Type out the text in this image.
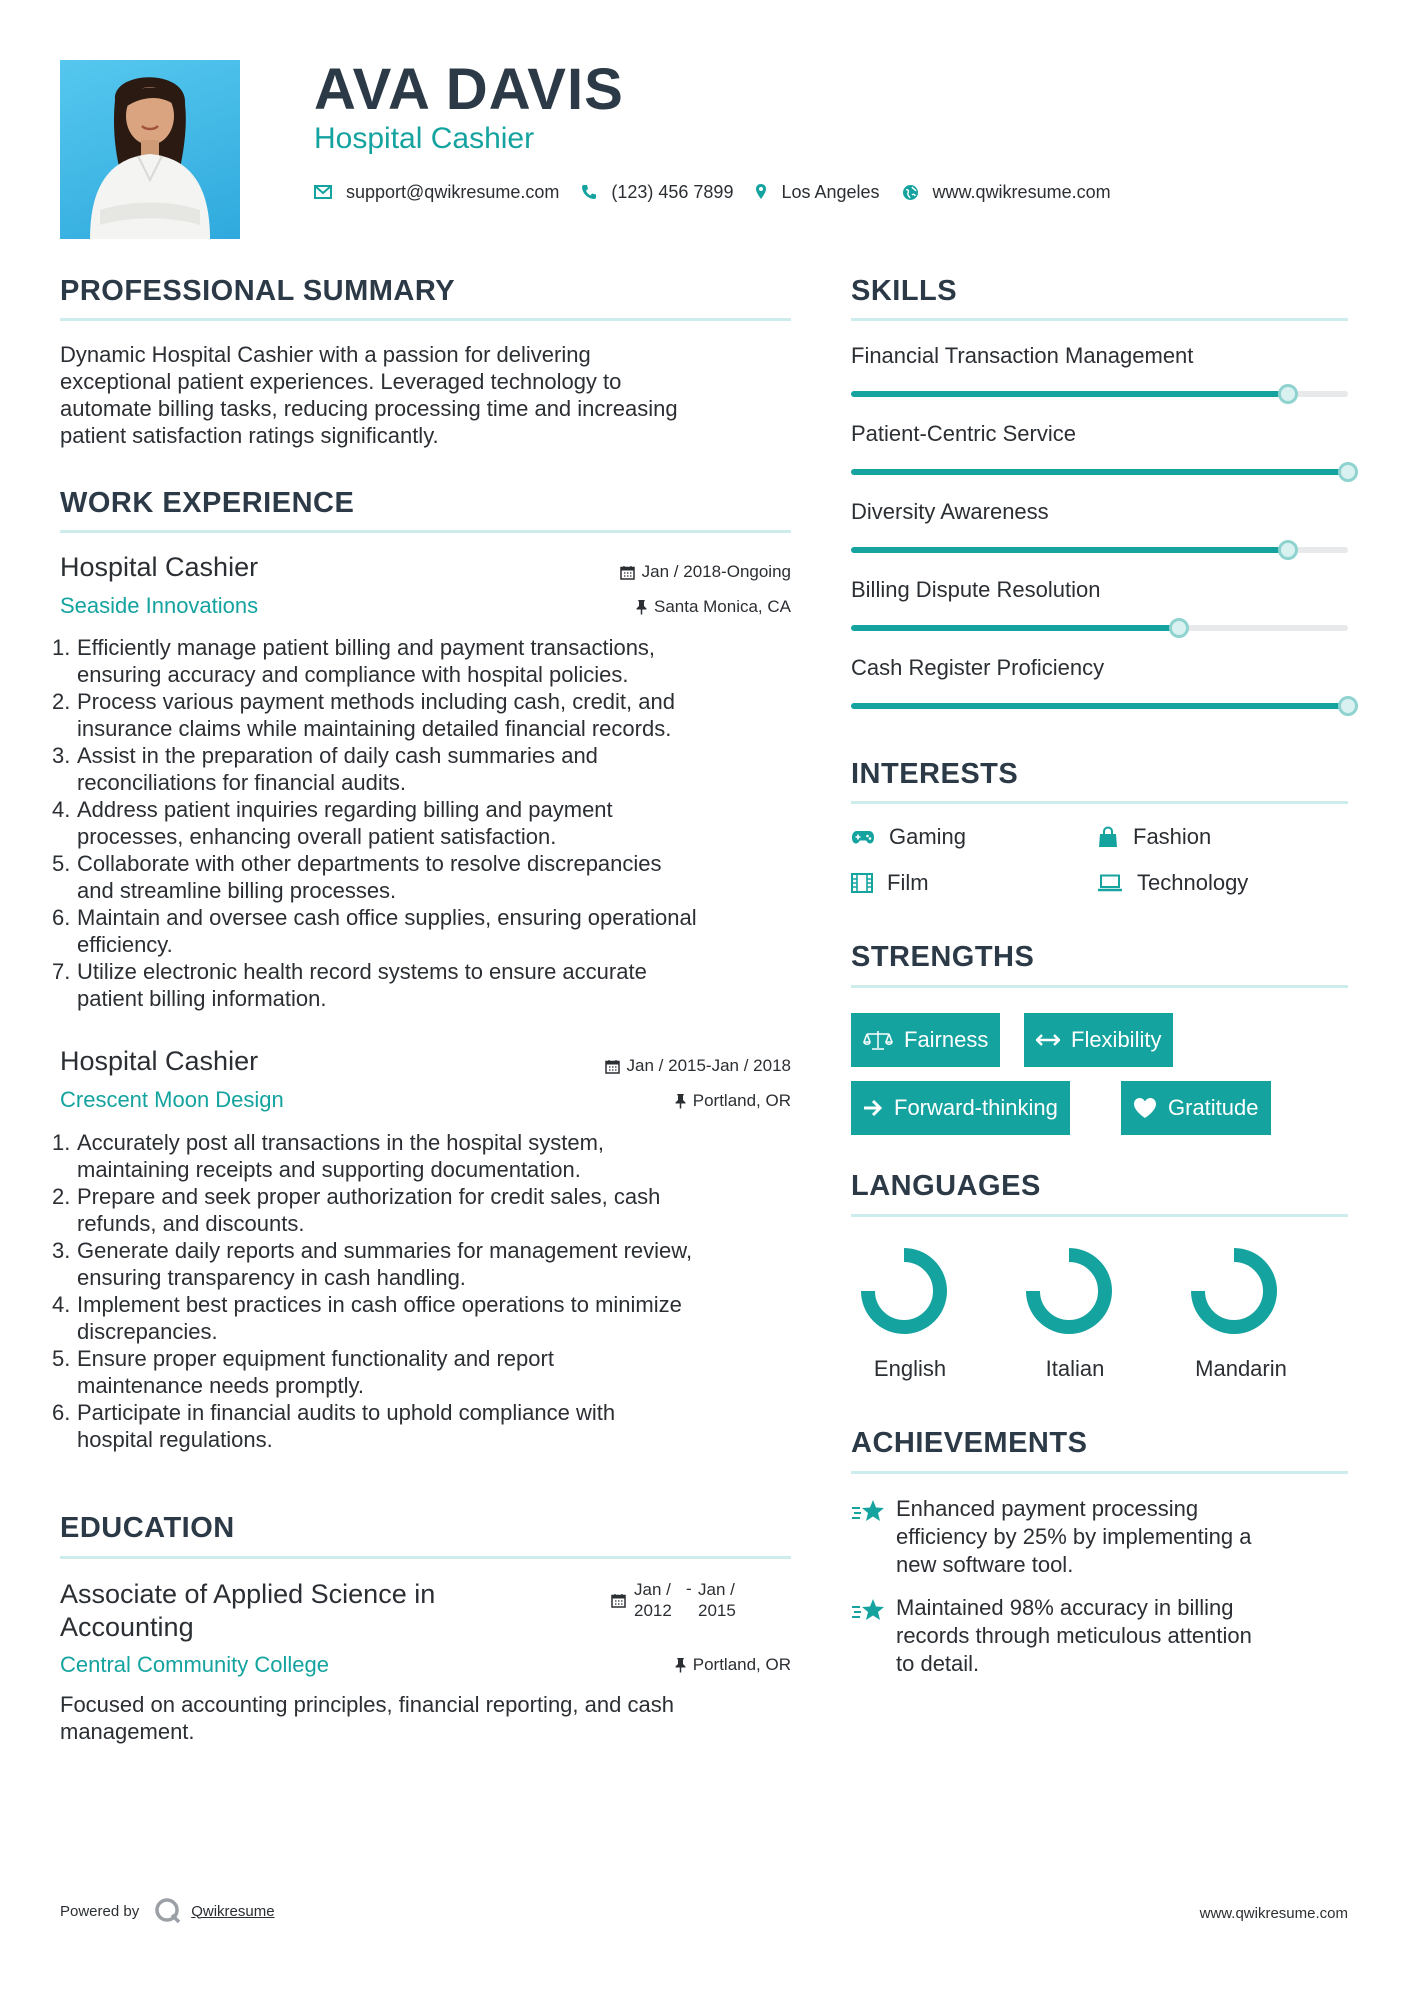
AVA DAVIS
Hospital Cashier
support@qwikresume.com	(123) 456 7899	Los Angeles	www.qwikresume.com
PROFESSIONAL SUMMARY
Dynamic Hospital Cashier with a passion for delivering
exceptional patient experiences. Leveraged technology to
automate billing tasks, reducing processing time and increasing
patient satisfaction ratings significantly.
WORK EXPERIENCE
Hospital Cashier
Seaside Innovations
Jan / 2018-Ongoing
Santa Monica, CA
1. Efficiently manage patient billing and payment transactions,
ensuring accuracy and compliance with hospital policies.
2. Process various payment methods including cash, credit, and
insurance claims while maintaining detailed financial records.
3. Assist in the preparation of daily cash summaries and
reconciliations for financial audits.
4. Address patient inquiries regarding billing and payment
processes, enhancing overall patient satisfaction.
5. Collaborate with other departments to resolve discrepancies
and streamline billing processes.
6. Maintain and oversee cash office supplies, ensuring operational
efficiency.
7. Utilize electronic health record systems to ensure accurate
patient billing information.
Hospital Cashier
Crescent Moon Design
Jan / 2015-Jan / 2018
Portland, OR
1. Accurately post all transactions in the hospital system,
maintaining receipts and supporting documentation.
2. Prepare and seek proper authorization for credit sales, cash
refunds, and discounts.
3. Generate daily reports and summaries for management review,
ensuring transparency in cash handling.
4. Implement best practices in cash office operations to minimize
discrepancies.
5. Ensure proper equipment functionality and report
maintenance needs promptly.
6. Participate in financial audits to uphold compliance with
hospital regulations.
EDUCATION
Associate of Applied Science in
Accounting
Jan /
2012
- Jan /
2015
Central Community College	Portland, OR
Focused on accounting principles, financial reporting, and cash
management.
SKILLS
Financial Transaction Management
Patient-Centric Service
Diversity Awareness
Billing Dispute Resolution
Cash Register Proficiency
INTERESTS
Gaming	Fashion
Film	Technology
STRENGTHS
Fairness	Flexibility
Forward-thinking	Gratitude
LANGUAGES
English	Italian	Mandarin
ACHIEVEMENTS
Enhanced payment processing
efficiency by 25% by implementing a
new software tool.
Maintained 98% accuracy in billing
records through meticulous attention
to detail.
Powered by	Qwikresume	www.qwikresume.com
